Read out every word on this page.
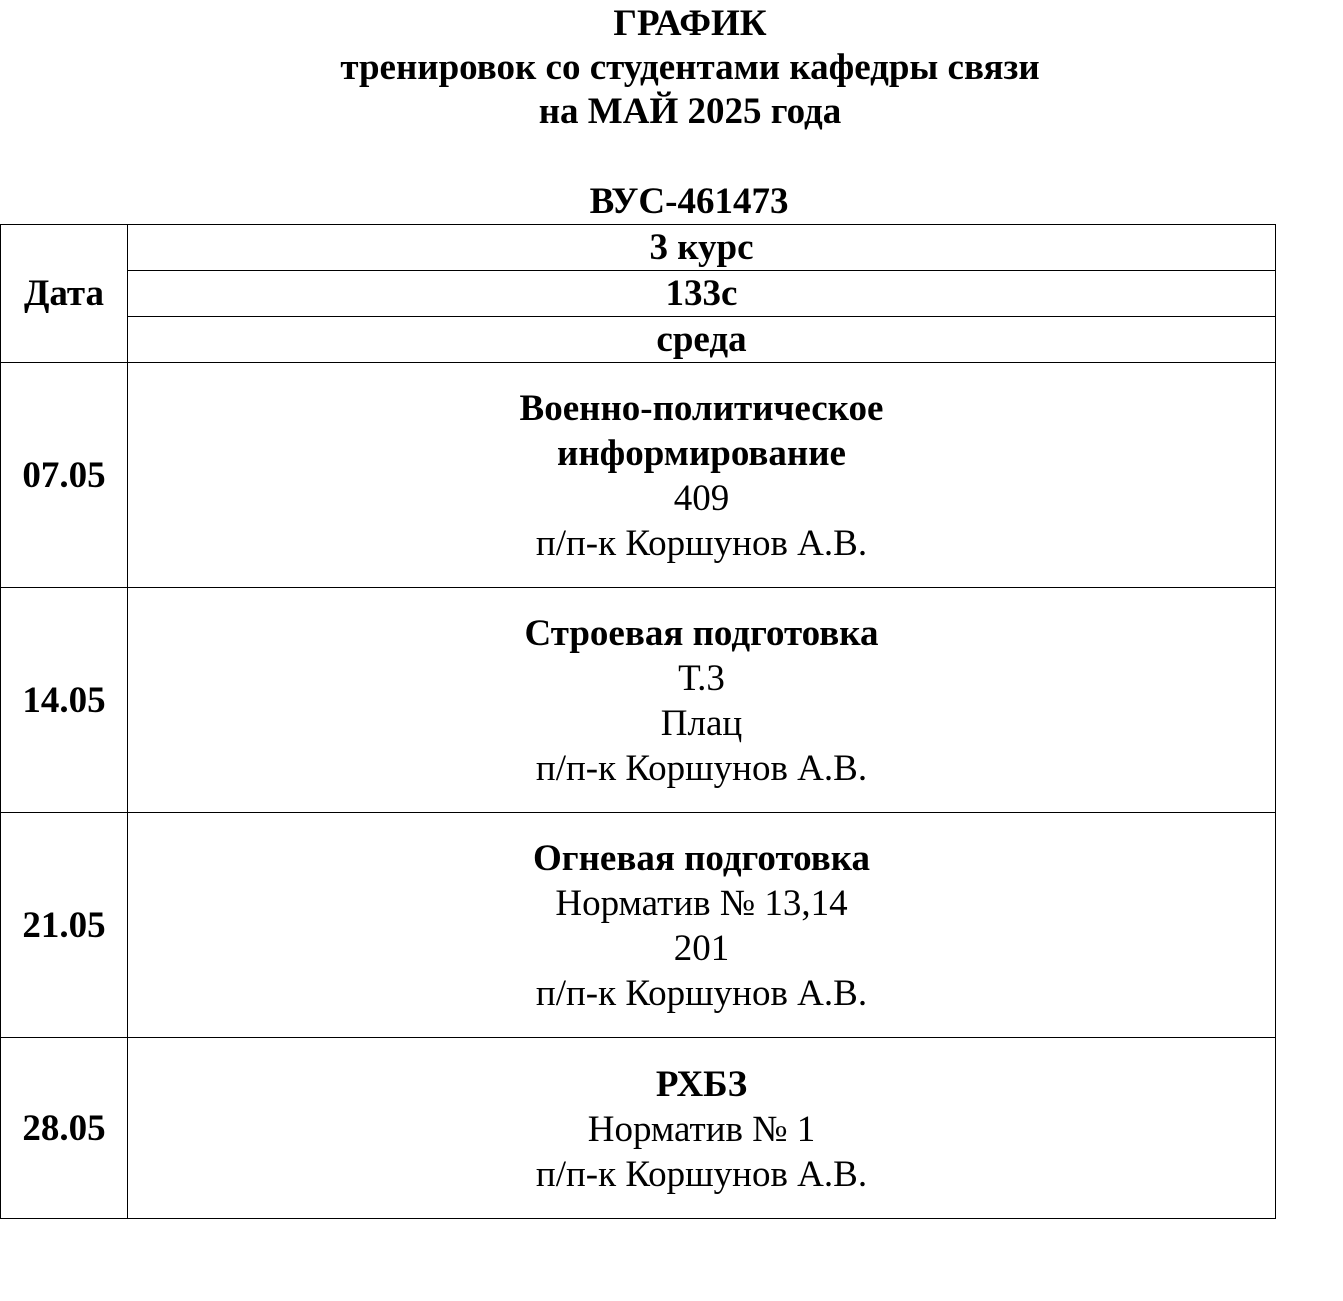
ГРАФИК
тренировок со студентами кафедры связи
на МАЙ 2025 года
ВУС-461473
Дата	3 курс
	133с
	среда
07.05	Военно-политическое
информирование
409
п/п-к Коршунов А.В.

14.05	Строевая подготовка
Т.3
Плац
п/п-к Коршунов А.В.

21.05	Огневая подготовка
Норматив № 13,14
201
п/п-к Коршунов А.В.

28.05	РХБЗ
Норматив № 1
п/п-к Коршунов А.В.
